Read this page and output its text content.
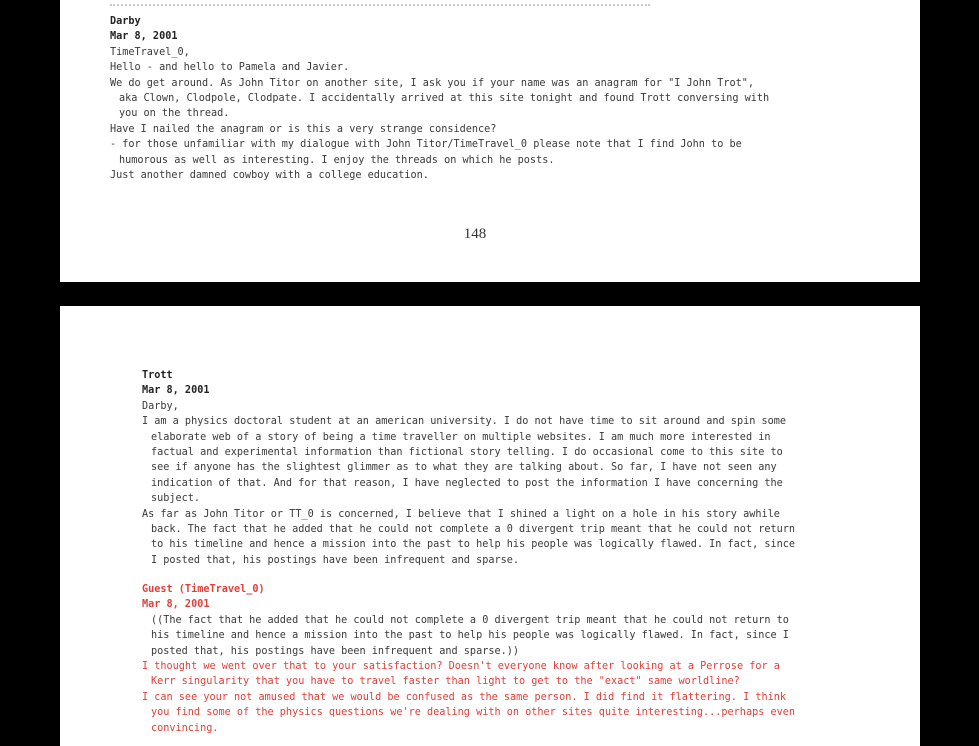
Darby
Mar 8, 2001
TimeTravel_0,
Hello - and hello to Pamela and Javier.
We do get around. As John Titor on another site, I ask you if your name was an anagram for "I John Trot",
aka Clown, Clodpole, Clodpate. I accidentally arrived at this site tonight and found Trott conversing with
you on the thread.
Have I nailed the anagram or is this a very strange considence?
- for those unfamiliar with my dialogue with John Titor/TimeTravel_0 please note that I find John to be
humorous as well as interesting. I enjoy the threads on which he posts.
Just another damned cowboy with a college education.
148
Trott
Mar 8, 2001
Darby,
I am a physics doctoral student at an american university. I do not have time to sit around and spin some
elaborate web of a story of being a time traveller on multiple websites. I am much more interested in
factual and experimental information than fictional story telling. I do occasional come to this site to
see if anyone has the slightest glimmer as to what they are talking about. So far, I have not seen any
indication of that. And for that reason, I have neglected to post the information I have concerning the
subject.
As far as John Titor or TT_0 is concerned, I believe that I shined a light on a hole in his story awhile
back. The fact that he added that he could not complete a 0 divergent trip meant that he could not return
to his timeline and hence a mission into the past to help his people was logically flawed. In fact, since
I posted that, his postings have been infrequent and sparse.
Guest (TimeTravel_0)
Mar 8, 2001
((The fact that he added that he could not complete a 0 divergent trip meant that he could not return to
his timeline and hence a mission into the past to help his people was logically flawed. In fact, since I
posted that, his postings have been infrequent and sparse.))
I thought we went over that to your satisfaction? Doesn't everyone know after looking at a Perrose for a
Kerr singularity that you have to travel faster than light to get to the "exact" same worldline?
I can see your not amused that we would be confused as the same person. I did find it flattering. I think
you find some of the physics questions we're dealing with on other sites quite interesting...perhaps even
convincing.
